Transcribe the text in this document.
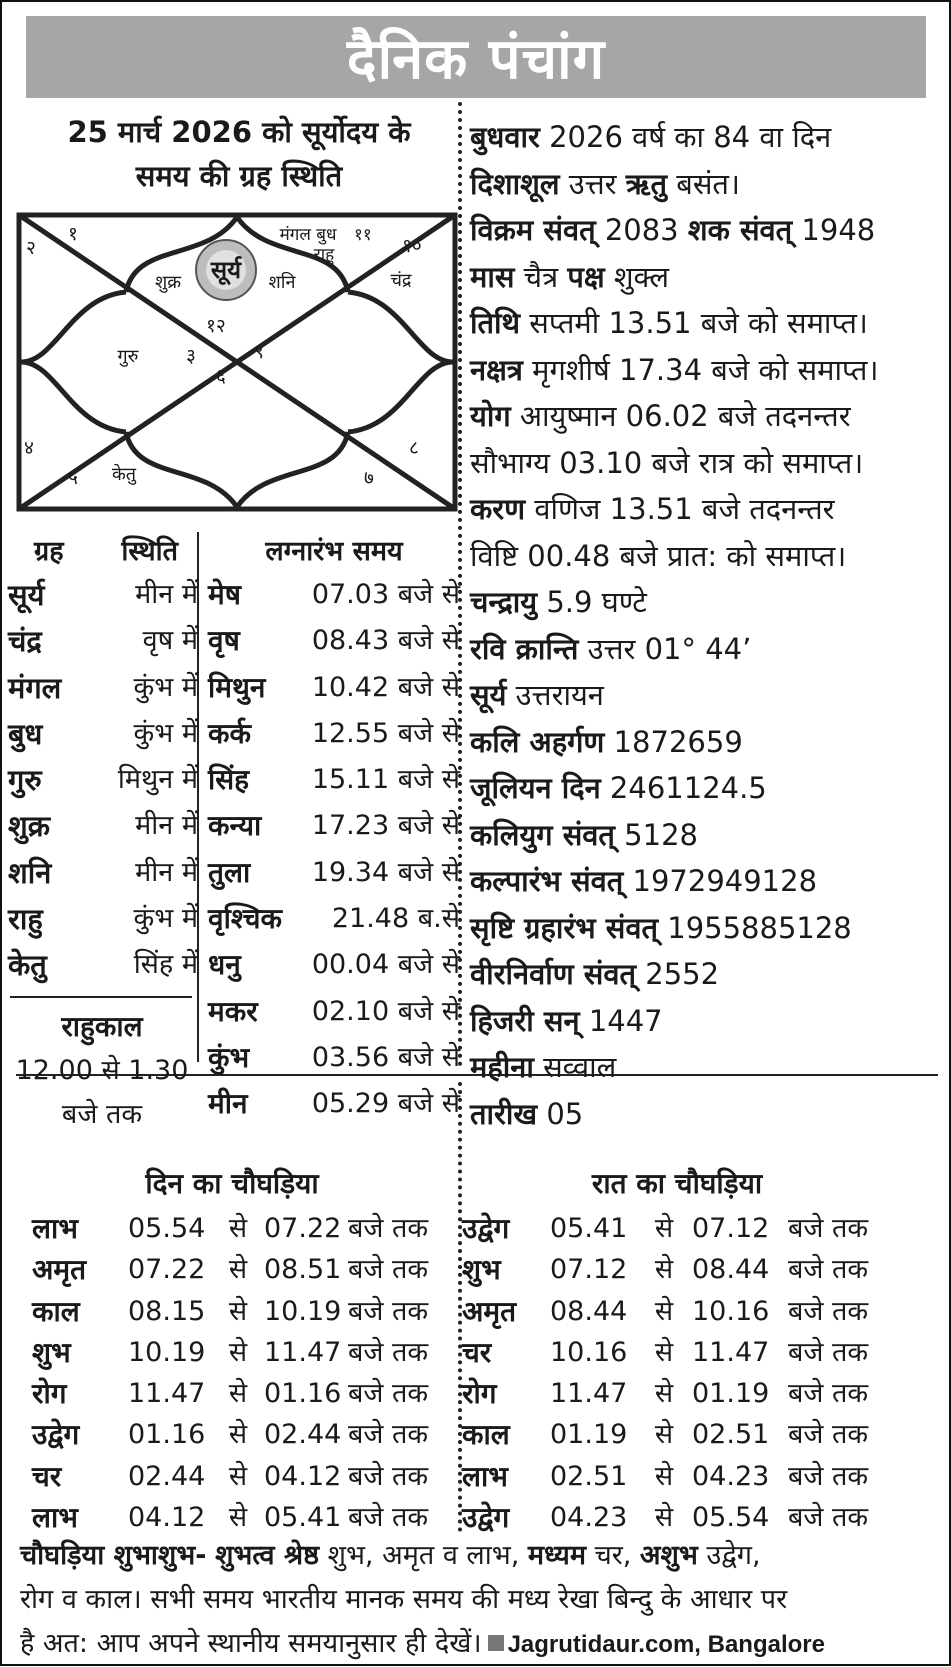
दैनिक पंचांग
25 मार्च 2026 को सूर्योदय के
समय की ग्रह स्थिति
सूर्य
शुक्र	शनि
मंगल बुध
राहु
चंद्र
गुरु
केतु
१
२
३
४
५
६
७
८
९
१०
११
१२
बुधवार 2026 वर्ष का 84 वा दिन
दिशाशूल उत्तर ऋतु बसंत।
विक्रम संवत् 2083 शक संवत् 1948
मास चैत्र पक्ष शुक्ल
तिथि सप्तमी 13.51 बजे को समाप्त।
नक्षत्र मृगशीर्ष 17.34 बजे को समाप्त।
योग आयुष्मान 06.02 बजे तदनन्तर
सौभाग्य 03.10 बजे रात्र को समाप्त।
करण वणिज 13.51 बजे तदनन्तर
विष्टि 00.48 बजे प्रात: को समाप्त।
चन्द्रायु 5.9 घण्टे
रवि क्रान्ति उत्तर 01° 44’
सूर्य उत्तरायन
कलि अहर्गण 1872659
जूलियन दिन 2461124.5
कलियुग संवत् 5128
कल्पारंभ संवत् 1972949128
सृष्टि ग्रहारंभ संवत् 1955885128
वीरनिर्वाण संवत् 2552
हिजरी सन् 1447
महीना सव्वाल
तारीख 05
ग्रह स्थिति
सूर्य	मीन में
चंद्र	वृष में
मंगल	कुंभ में
बुध	कुंभ में
गुरु	मिथुन में
शुक्र	मीन में
शनि	मीन में
राहु	कुंभ में
केतु	सिंह में
राहुकाल
12.00 से 1.30
बजे तक
लग्नारंभ समय
मेष	07.03 बजे से
वृष	08.43 बजे से
मिथुन	10.42 बजे से
कर्क	12.55 बजे से
सिंह	15.11 बजे से
कन्या	17.23 बजे से
तुला	19.34 बजे से
वृश्चिक	21.48 ब.से
धनु	00.04 बजे से
मकर	02.10 बजे से
कुंभ	03.56 बजे से
मीन	05.29 बजे से
दिन का चौघड़िया
लाभ	05.54 से 07.22 बजे तक
अमृत	07.22 से 08.51 बजे तक
काल	08.15 से 10.19 बजे तक
शुभ	10.19 से 11.47 बजे तक
रोग	11.47 से 01.16 बजे तक
उद्वेग	01.16 से 02.44 बजे तक
चर	02.44 से 04.12 बजे तक
लाभ	04.12 से 05.41 बजे तक
रात का चौघड़िया
उद्वेग	05.41	से 07.12 बजे तक
शुभ	07.12	से 08.44 बजे तक
अमृत	08.44	से 10.16 बजे तक
चर	10.16	से 11.47 बजे तक
रोग	11.47	से 01.19 बजे तक
काल	01.19	से 02.51 बजे तक
लाभ	02.51	से 04.23 बजे तक
उद्वेग	04.23	से 05.54 बजे तक
चौघड़िया शुभाशुभ- शुभत्व श्रेष्ठ शुभ, अमृत व लाभ, मध्यम चर, अशुभ उद्वेग,
रोग व काल। सभी समय भारतीय मानक समय की मध्य रेखा बिन्दु के आधार पर
है अत: आप अपने स्थानीय समयानुसार ही देखें। Jagrutidaur.com, Bangalore
